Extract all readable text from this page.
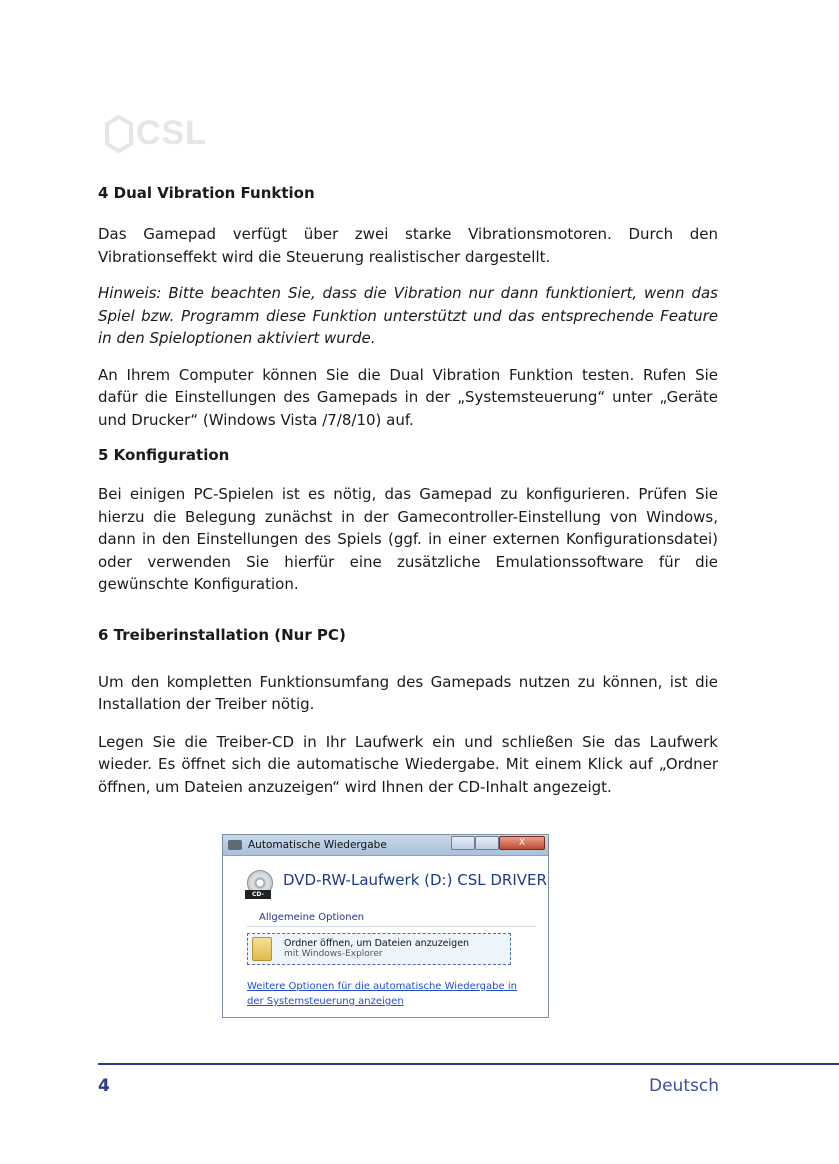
CSL
4 Dual Vibration Funktion

Das Gamepad verfügt über zwei starke Vibrationsmotoren. Durch den Vibrationseffekt wird die Steuerung realistischer dargestellt.

Hinweis: Bitte beachten Sie, dass die Vibration nur dann funktioniert, wenn das Spiel bzw. Programm diese Funktion unterstützt und das entsprechende Feature in den Spieloptionen aktiviert wurde.

An Ihrem Computer können Sie die Dual Vibration Funktion testen. Rufen Sie dafür die Einstellungen des Gamepads in der „Systemsteuerung“ unter „Geräte und Drucker“ (Windows Vista /7/8/10) auf.

5 Konfiguration

Bei einigen PC-Spielen ist es nötig, das Gamepad zu konfigurieren. Prüfen Sie hierzu die Belegung zunächst in der Gamecontroller-Einstellung von Windows, dann in den Einstellungen des Spiels (ggf. in einer externen Konfigurationsdatei) oder verwenden Sie hierfür eine zusätzliche Emulationssoftware für die gewünschte Konfiguration.

6 Treiberinstallation (Nur PC)

Um den kompletten Funktionsumfang des Gamepads nutzen zu können, ist die Installation der Treiber nötig.

Legen Sie die Treiber-CD in Ihr Laufwerk ein und schließen Sie das Laufwerk wieder. Es öffnet sich die automatische Wiedergabe. Mit einem Klick auf „Ordner öffnen, um Dateien anzuzeigen“ wird Ihnen der CD-Inhalt angezeigt.

Automatische Wiedergabe	X
CD-ROM
DVD-RW-Laufwerk (D:) CSL DRIVER
Allgemeine Optionen
Ordner öffnen, um Dateien anzuzeigen
mit Windows-Explorer
Weitere Optionen für die automatische Wiedergabe in der Systemsteuerung anzeigen
4	Deutsch
